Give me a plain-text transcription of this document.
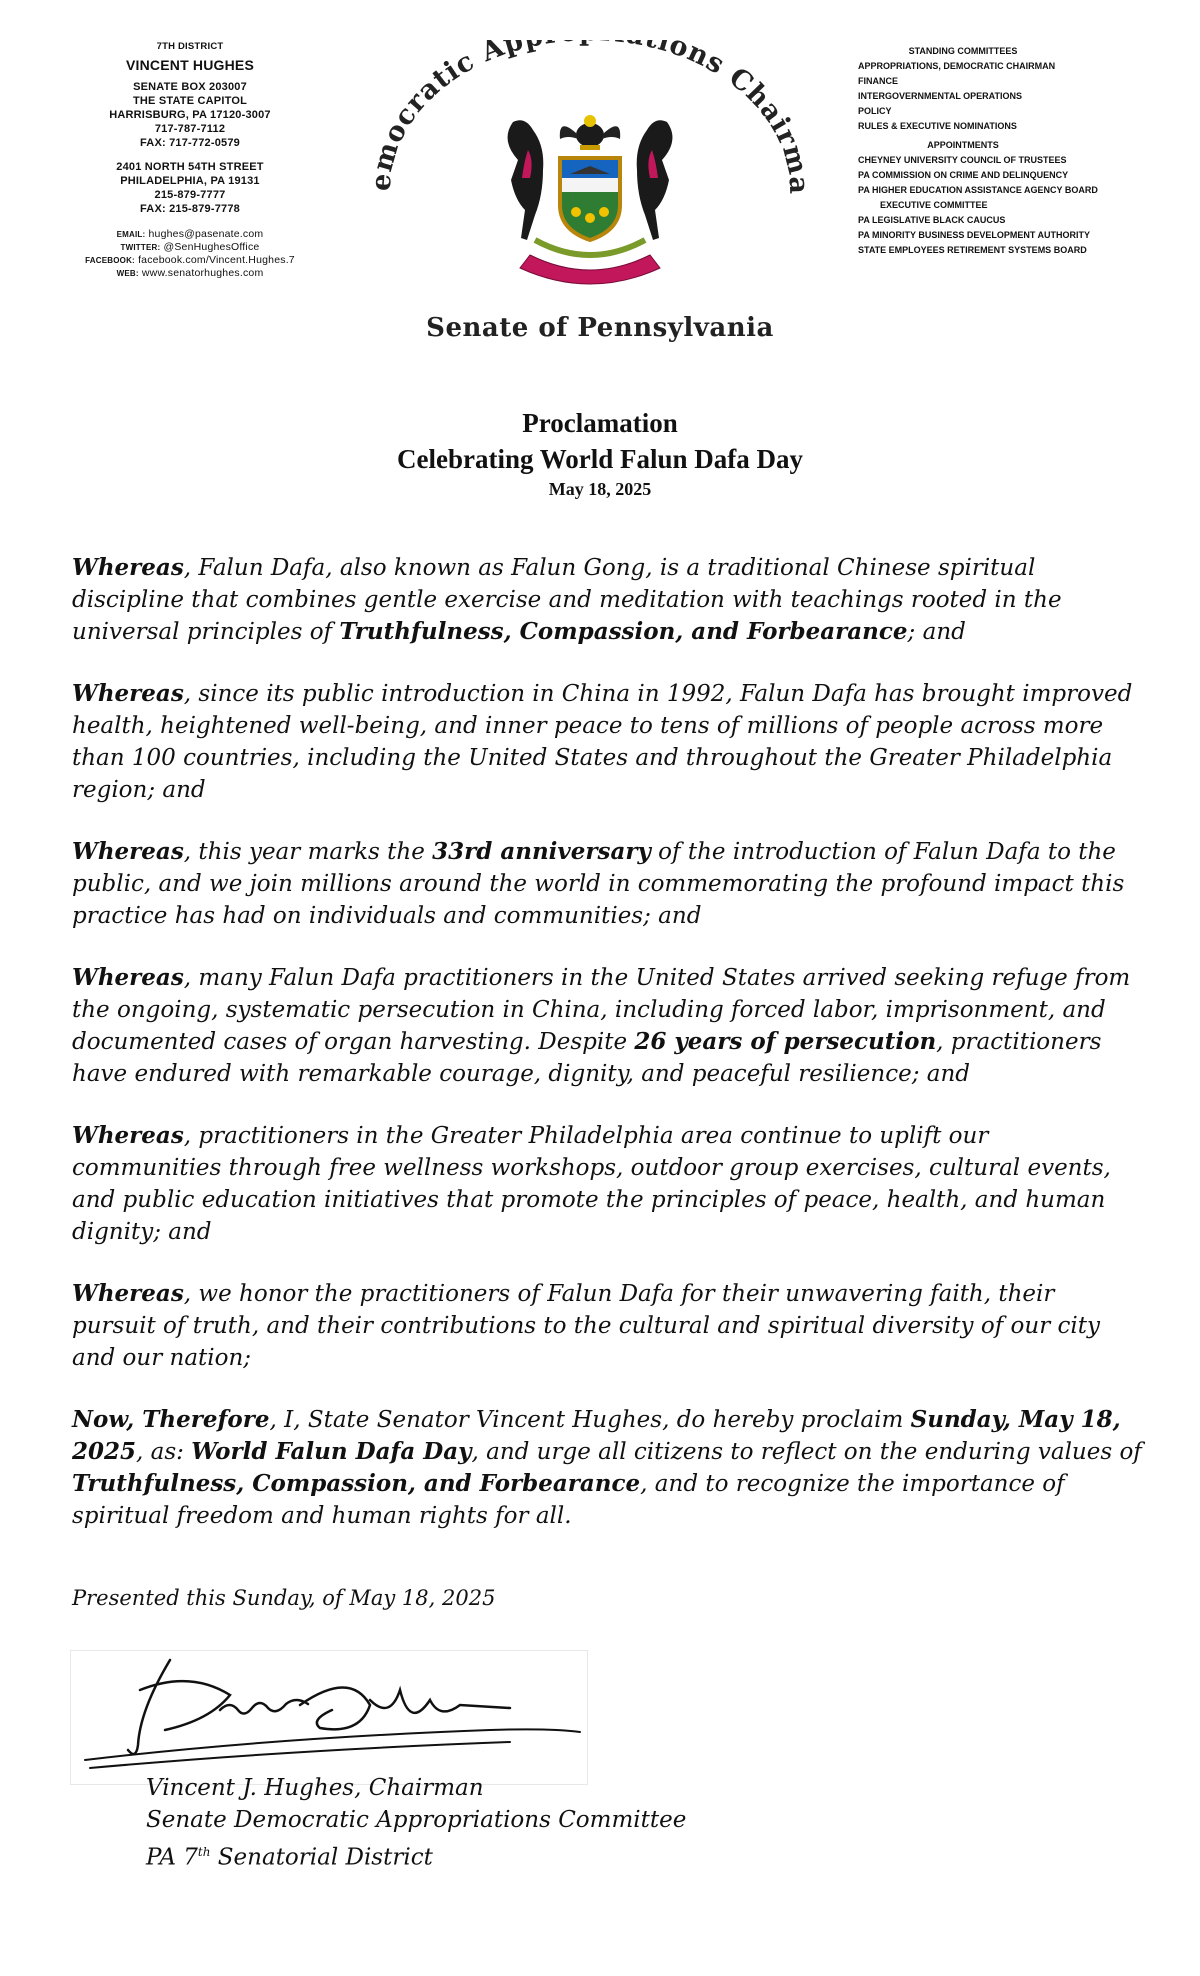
7TH DISTRICT
VINCENT HUGHES
SENATE BOX 203007
THE STATE CAPITOL
HARRISBURG, PA 17120-3007
717-787-7112
FAX: 717-772-0579
2401 NORTH 54TH STREET
PHILADELPHIA, PA 19131
215-879-7777
FAX: 215-879-7778
EMAIL: hughes@pasenate.com
TWITTER: @SenHughesOffice
FACEBOOK: facebook.com/Vincent.Hughes.7
WEB: www.senatorhughes.com
mocratic Ap ions Chairm
Senate of Pennsylvania
STANDING COMMITTEES
APPROPRIATIONS, DEMOCRATIC CHAIRMAN
FINANCE
INTERGOVERNMENTAL OPERATIONS
POLICY
RULES & EXECUTIVE NOMINATIONS
APPOINTMENTS
CHEYNEY UNIVERSITY COUNCIL OF TRUSTEES
PA COMMISSION ON CRIME AND DELINQUENCY
PA HIGHER EDUCATION ASSISTANCE AGENCY BOARD
EXECUTIVE COMMITTEE
PA LEGISLATIVE BLACK CAUCUS
PA MINORITY BUSINESS DEVELOPMENT AUTHORITY
STATE EMPLOYEES RETIREMENT SYSTEMS BOARD
Proclamation
Celebrating World Falun Dafa Day
May 18, 2025

Whereas, Falun Dafa, also known as Falun Gong, is a traditional Chinese spiritual discipline that combines gentle exercise and meditation with teachings rooted in the universal principles of Truthfulness, Compassion, and Forbearance; and

Whereas, since its public introduction in China in 1992, Falun Dafa has brought improved health, heightened well-being, and inner peace to tens of millions of people across more than 100 countries, including the United States and throughout the Greater Philadelphia region; and

Whereas, this year marks the 33rd anniversary of the introduction of Falun Dafa to the public, and we join millions around the world in commemorating the profound impact this practice has had on individuals and communities; and

Whereas, many Falun Dafa practitioners in the United States arrived seeking refuge from the ongoing, systematic persecution in China, including forced labor, imprisonment, and documented cases of organ harvesting. Despite 26 years of persecution, practitioners have endured with remarkable courage, dignity, and peaceful resilience; and

Whereas, practitioners in the Greater Philadelphia area continue to uplift our communities through free wellness workshops, outdoor group exercises, cultural events, and public education initiatives that promote the principles of peace, health, and human dignity; and

Whereas, we honor the practitioners of Falun Dafa for their unwavering faith, their pursuit of truth, and their contributions to the cultural and spiritual diversity of our city and our nation;

Now, Therefore, I, State Senator Vincent Hughes, do hereby proclaim Sunday, May 18, 2025, as: World Falun Dafa Day, and urge all citizens to reflect on the enduring values of Truthfulness, Compassion, and Forbearance, and to recognize the importance of spiritual freedom and human rights for all.

Presented this Sunday, of May 18, 2025
Vincent J. Hughes, Chairman
Senate Democratic Appropriations Committee
PA 7th Senatorial District
